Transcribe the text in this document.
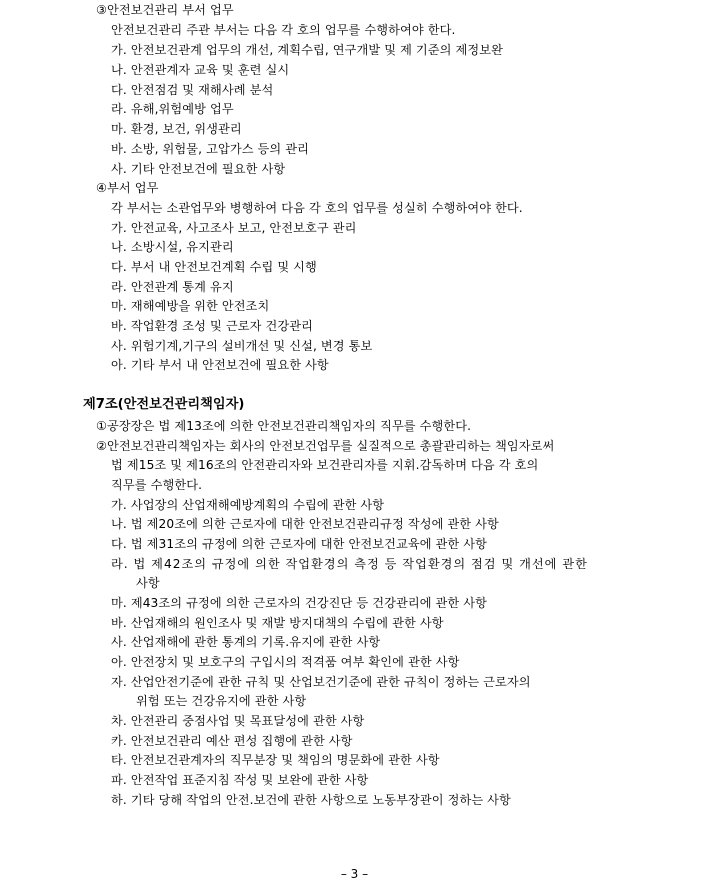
③안전보건관리 부서 업무
안전보건관리 주관 부서는 다음 각 호의 업무를 수행하여야 한다.
가. 안전보건관계 업무의 개선, 계획수립, 연구개발 및 제 기준의 제정보완
나. 안전관계자 교육 및 훈련 실시
다. 안전점검 및 재해사례 분석
라. 유해,위험예방 업무
마. 환경, 보건, 위생관리
바. 소방, 위험물, 고압가스 등의 관리
사. 기타 안전보건에 필요한 사항
④부서 업무
각 부서는 소관업무와 병행하여 다음 각 호의 업무를 성실히 수행하여야 한다.
가. 안전교육, 사고조사 보고, 안전보호구 관리
나. 소방시설, 유지관리
다. 부서 내 안전보건계획 수립 및 시행
라. 안전관계 통계 유지
마. 재해예방을 위한 안전조치
바. 작업환경 조성 및 근로자 건강관리
사. 위험기계,기구의 설비개선 및 신설, 변경 통보
아. 기타 부서 내 안전보건에 필요한 사항
제7조(안전보건관리책임자)
①공장장은 법 제13조에 의한 안전보건관리책임자의 직무를 수행한다.
②안전보건관리책임자는 회사의 안전보건업무를 실질적으로 총괄관리하는 책임자로써
법 제15조 및 제16조의 안전관리자와 보건관리자를 지휘.감독하며 다음 각 호의
직무를 수행한다.
가. 사업장의 산업재해예방계획의 수립에 관한 사항
나. 법 제20조에 의한 근로자에 대한 안전보건관리규정 작성에 관한 사항
다. 법 제31조의 규정에 의한 근로자에 대한 안전보건교육에 관한 사항
라. 법 제42조의 규정에 의한 작업환경의 측정 등 작업환경의 점검 및 개선에 관한
사항
마. 제43조의 규정에 의한 근로자의 건강진단 등 건강관리에 관한 사항
바. 산업재해의 원인조사 및 재발 방지대책의 수립에 관한 사항
사. 산업재해에 관한 통계의 기록.유지에 관한 사항
아. 안전장치 및 보호구의 구입시의 적격품 여부 확인에 관한 사항
자. 산업안전기준에 관한 규칙 및 산업보건기준에 관한 규칙이 정하는 근로자의
위험 또는 건강유지에 관한 사항
차. 안전관리 중점사업 및 목표달성에 관한 사항
카. 안전보건관리 예산 편성 집행에 관한 사항
타. 안전보건관계자의 직무분장 및 책임의 명문화에 관한 사항
파. 안전작업 표준지침 작성 및 보완에 관한 사항
하. 기타 당해 작업의 안전.보건에 관한 사항으로 노동부장관이 정하는 사항
– 3 –
